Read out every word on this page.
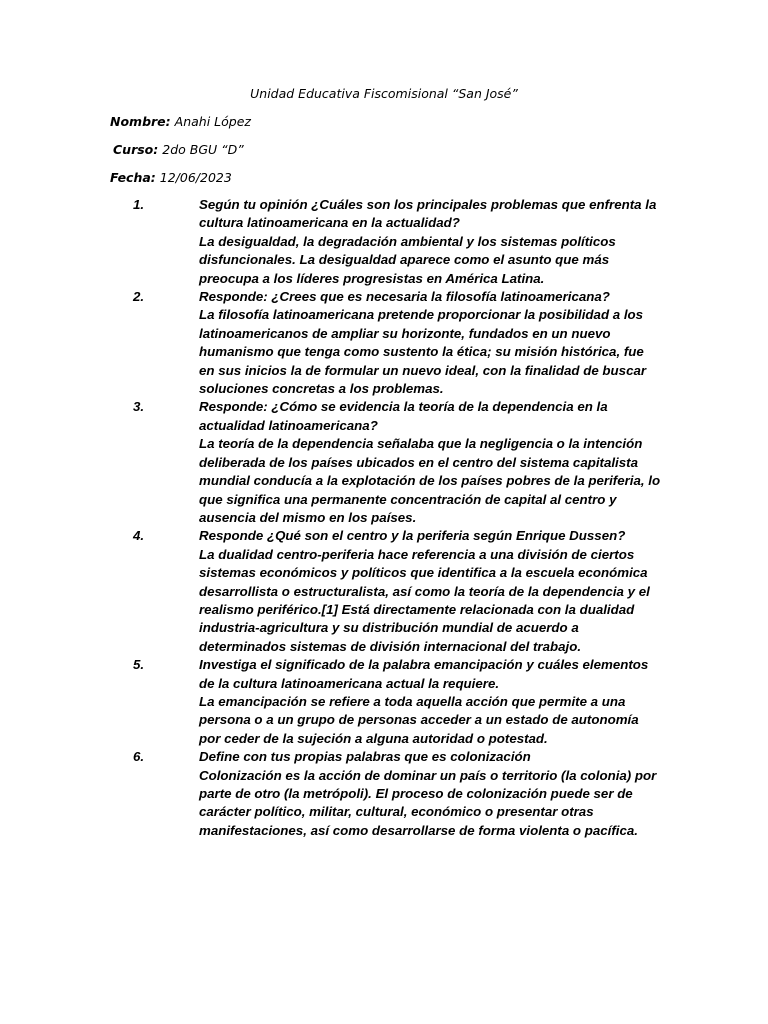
Unidad Educativa Fiscomisional “San José”
Nombre: Anahi López
Curso: 2do BGU “D”
Fecha: 12/06/2023
1.	Según tu opinión ¿Cuáles son los principales problemas que enfrenta la cultura latinoamericana en la actualidad?
La desigualdad, la degradación ambiental y los sistemas políticos disfuncionales. La desigualdad aparece como el asunto que más preocupa a los líderes progresistas en América Latina.
2.	Responde: ¿Crees que es necesaria la filosofía latinoamericana?
La filosofía latinoamericana pretende proporcionar la posibilidad a los latinoamericanos de ampliar su horizonte, fundados en un nuevo humanismo que tenga como sustento la ética; su misión histórica, fue en sus inicios la de formular un nuevo ideal, con la finalidad de buscar soluciones concretas a los problemas.
3.	Responde: ¿Cómo se evidencia la teoría de la dependencia en la actualidad latinoamericana?
La teoría de la dependencia señalaba que la negligencia o la intención deliberada de los países ubicados en el centro del sistema capitalista mundial conducía a la explotación de los países pobres de la periferia, lo que significa una permanente concentración de capital al centro y ausencia del mismo en los países.
4.	Responde ¿Qué son el centro y la periferia según Enrique Dussen?
La dualidad centro-periferia hace referencia a una división de ciertos sistemas económicos y políticos que identifica a la escuela económica desarrollista o estructuralista, así como la teoría de la dependencia y el realismo periférico.[1] Está directamente relacionada con la dualidad industria-agricultura y su distribución mundial de acuerdo a determinados sistemas de división internacional del trabajo.
5.	Investiga el significado de la palabra emancipación y cuáles elementos de la cultura latinoamericana actual la requiere.
La emancipación se refiere a toda aquella acción que permite a una persona o a un grupo de personas acceder a un estado de autonomía por ceder de la sujeción a alguna autoridad o potestad.
6.	Define con tus propias palabras que es colonización
Colonización es la acción de dominar un país o territorio (la colonia) por parte de otro (la metrópoli). El proceso de colonización puede ser de carácter político, militar, cultural, económico o presentar otras manifestaciones, así como desarrollarse de forma violenta o pacífica.
